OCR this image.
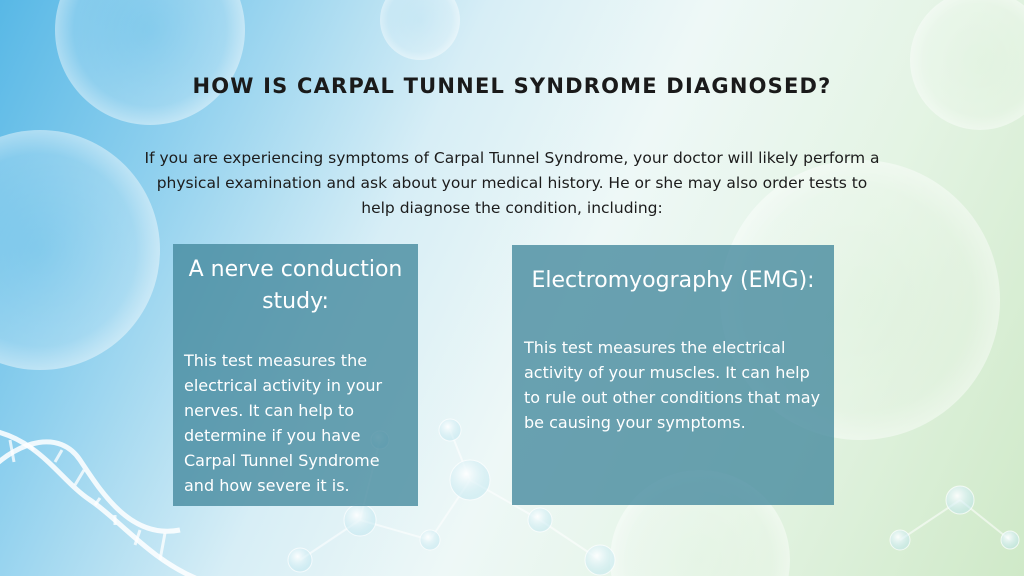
HOW IS CARPAL TUNNEL SYNDROME DIAGNOSED?

If you are experiencing symptoms of Carpal Tunnel Syndrome, your doctor will likely perform a physical examination and ask about your medical history. He or she may also order tests to help diagnose the condition, including:

A nerve conduction study:

This test measures the electrical activity in your nerves. It can help to determine if you have Carpal Tunnel Syndrome and how severe it is.

Electromyography (EMG):

This test measures the electrical activity of your muscles. It can help to rule out other conditions that may be causing your symptoms.
